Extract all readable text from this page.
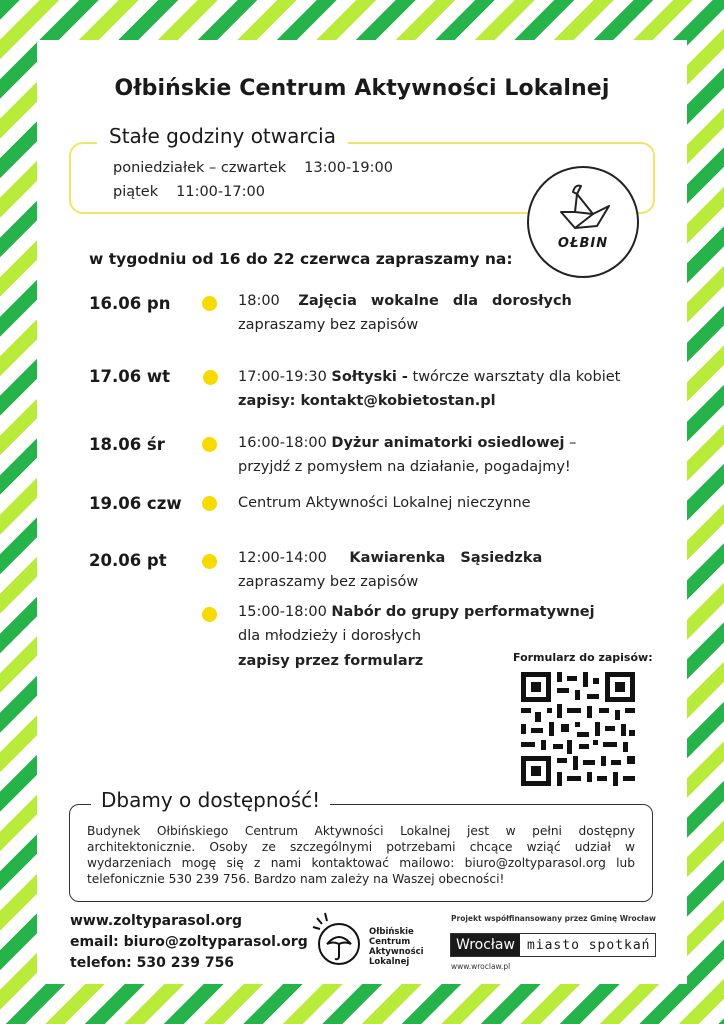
Ołbińskie Centrum Aktywności Lokalnej
Stałe godziny otwarcia
poniedziałek – czwartek 13:00-19:00
piątek 11:00-17:00
OŁBIN
w tygodniu od 16 do 22 czerwca zapraszamy na:
16.06 pn	18:00 Zajęcia wokalne dla dorosłych
zapraszamy bez zapisów
17.06 wt	17:00-19:30 Sołtyski - twórcze warsztaty dla kobiet
zapisy: kontakt@kobietostan.pl
18.06 śr	16:00-18:00 Dyżur animatorki osiedlowej –
przyjdź z pomysłem na działanie, pogadajmy!
19.06 czw	Centrum Aktywności Lokalnej nieczynne
20.06 pt	12:00-14:00 Kawiarenka Sąsiedzka
zapraszamy bez zapisów
15:00-18:00 Nabór do grupy performatywnej
dla młodzieży i dorosłych
zapisy przez formularz	Formularz do zapisów:
Dbamy o dostępność!
Budynek Ołbińskiego Centrum Aktywności Lokalnej jest w pełni dostępny architektonicznie. Osoby ze szczególnymi potrzebami chcące wziąć udział w wydarzeniach mogę się z nami kontaktować mailowo: biuro@zoltyparasol.org lub telefonicznie 530 239 756. Bardzo nam zależy na Waszej obecności!
www.zoltyparasol.org
email: biuro@zoltyparasol.org
telefon: 530 239 756
Ołbińskie
Centrum
Aktywności
Lokalnej
Projekt współfinansowany przez Gminę Wrocław
Wrocław miasto spotkań
www.wroclaw.pl
